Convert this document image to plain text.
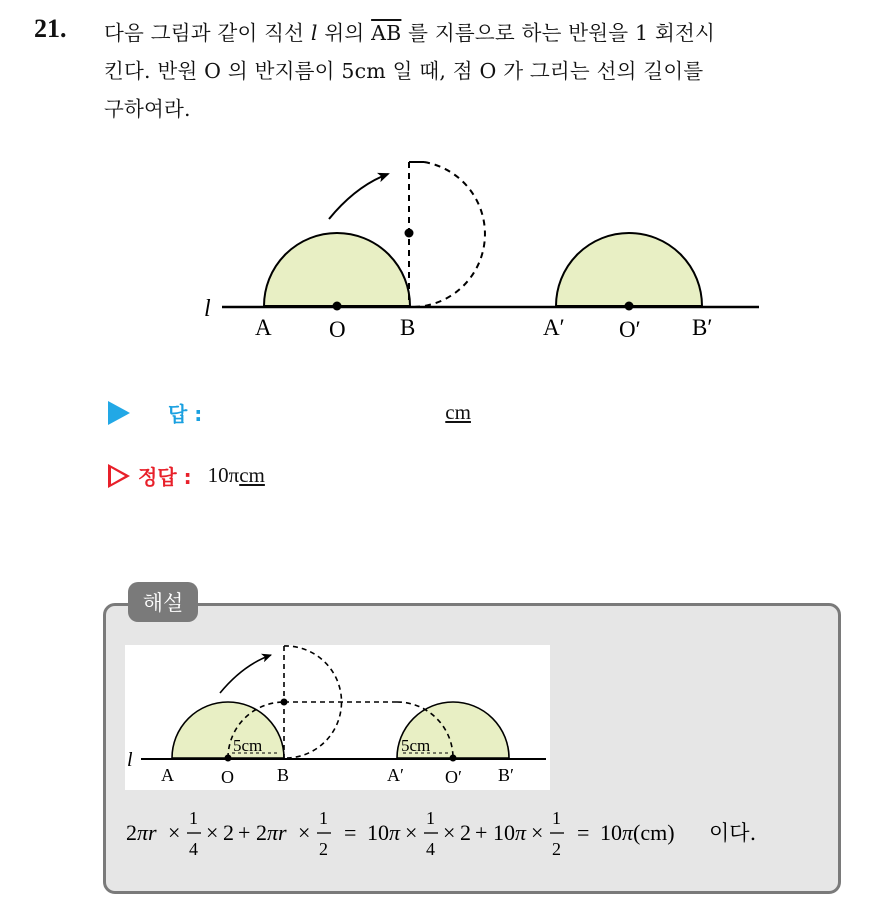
21. 다음 그림과 같이 직선 l 위의 $\overline{AB}$ 를 지름으로 하는 반원을 1 회전시
킨다. 반원 O 의 반지름이 5cm 일 때, 점 O 가 그리는 선의 길이를
구하여라.
l
A O B	A′ O′ B′
답 :	cm
정답 : 10π cm
해설
5cm	5cm
l
A	O B	A′ O′ B′
2πr ×
1
4
× 2 + 2πr ×
1
2
= 10π ×
1
4
× 2 + 10π ×
1
2
= 10π(cm) 이다.
